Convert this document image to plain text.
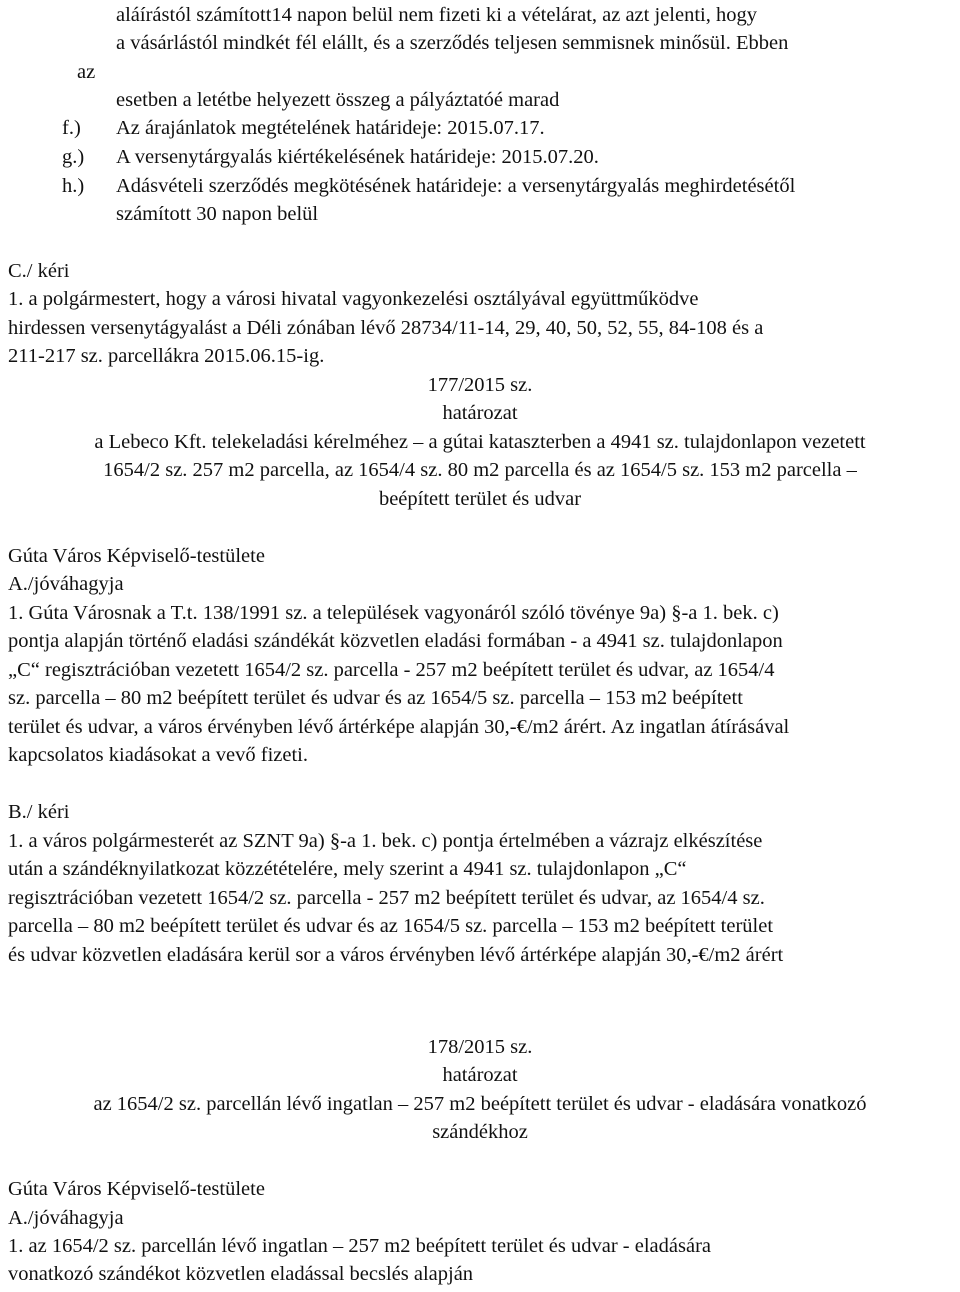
aláírástól számított14 napon belül nem fizeti ki a vételárat, az azt jelenti, hogy
a vásárlástól mindkét fél elállt, és a szerződés teljesen semmisnek minősül. Ebben
az
esetben a letétbe helyezett összeg a pályáztatóé marad
f.) Az árajánlatok megtételének határideje: 2015.07.17.
g.) A versenytárgyalás kiértékelésének határideje: 2015.07.20.
h.) Adásvételi szerződés megkötésének határideje: a versenytárgyalás meghirdetésétől
számított 30 napon belül
C./ kéri
1. a polgármestert, hogy a városi hivatal vagyonkezelési osztályával együttműködve
hirdessen versenytágyalást a Déli zónában lévő 28734/11-14, 29, 40, 50, 52, 55, 84-108 és a
211-217 sz. parcellákra 2015.06.15-ig.
177/2015 sz.
határozat
a Lebeco Kft. telekeladási kérelméhez – a gútai kataszterben a 4941 sz. tulajdonlapon vezetett
1654/2 sz. 257 m2 parcella, az 1654/4 sz. 80 m2 parcella és az 1654/5 sz. 153 m2 parcella –
beépített terület és udvar
Gúta Város Képviselő-testülete
A./jóváhagyja
1. Gúta Városnak a T.t. 138/1991 sz. a települések vagyonáról szóló tövénye 9a) §-a 1. bek. c)
pontja alapján történő eladási szándékát közvetlen eladási formában - a 4941 sz. tulajdonlapon
„C“ regisztrációban vezetett 1654/2 sz. parcella - 257 m2 beépített terület és udvar, az 1654/4
sz. parcella – 80 m2 beépített terület és udvar és az 1654/5 sz. parcella – 153 m2 beépített
terület és udvar, a város érvényben lévő ártérképe alapján 30,-€/m2 árért. Az ingatlan átírásával
kapcsolatos kiadásokat a vevő fizeti.
B./ kéri
1. a város polgármesterét az SZNT 9a) §-a 1. bek. c) pontja értelmében a vázrajz elkészítése
után a szándéknyilatkozat közzétételére, mely szerint a 4941 sz. tulajdonlapon „C“
regisztrációban vezetett 1654/2 sz. parcella - 257 m2 beépített terület és udvar, az 1654/4 sz.
parcella – 80 m2 beépített terület és udvar és az 1654/5 sz. parcella – 153 m2 beépített terület
és udvar közvetlen eladására kerül sor a város érvényben lévő ártérképe alapján 30,-€/m2 árért
178/2015 sz.
határozat
az 1654/2 sz. parcellán lévő ingatlan – 257 m2 beépített terület és udvar - eladására vonatkozó
szándékhoz
Gúta Város Képviselő-testülete
A./jóváhagyja
1. az 1654/2 sz. parcellán lévő ingatlan – 257 m2 beépített terület és udvar - eladására
vonatkozó szándékot közvetlen eladással becslés alapján
